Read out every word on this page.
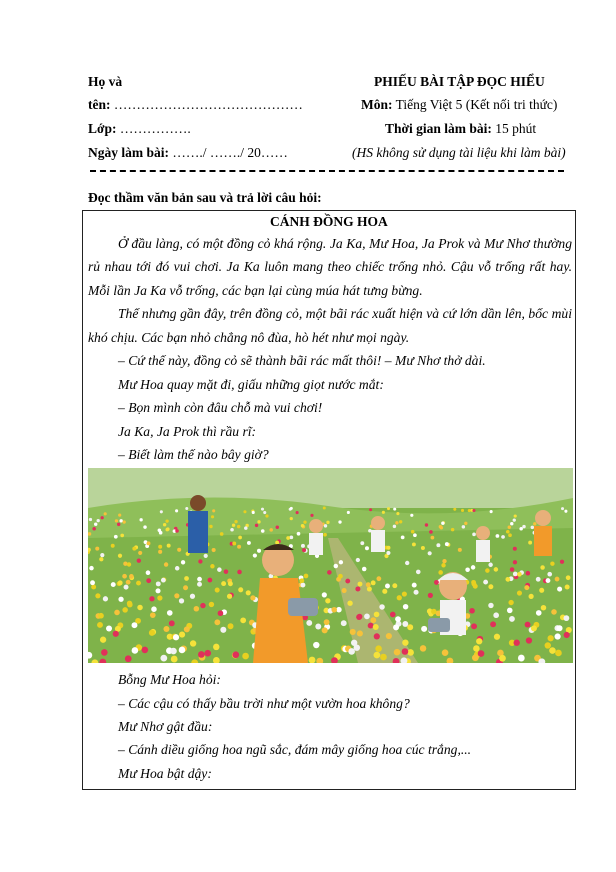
Họ và
tên: ……………………………………
Lớp: …………….
Ngày làm bài: ……./ ……./ 20……
PHIẾU BÀI TẬP ĐỌC HIỂU
Môn: Tiếng Việt 5 (Kết nối tri thức)
Thời gian làm bài: 15 phút
(HS không sử dụng tài liệu khi làm bài)
Đọc thầm văn bản sau và trả lời câu hỏi:
CÁNH ĐỒNG HOA
Ở đầu làng, có một đồng cỏ khá rộng. Ja Ka, Mư Hoa, Ja Prok và Mư Nhơ thường
rủ nhau tới đó vui chơi. Ja Ka luôn mang theo chiếc trống nhỏ. Cậu vỗ trống rất hay.
Mỗi lần Ja Ka vỗ trống, các bạn lại cùng múa hát tưng bừng.
Thế nhưng gần đây, trên đồng cỏ, một bãi rác xuất hiện và cứ lớn dần lên, bốc mùi
khó chịu. Các bạn nhỏ chẳng nô đùa, hò hét như mọi ngày.
– Cứ thế này, đồng cỏ sẽ thành bãi rác mất thôi! – Mư Nhơ thở dài.
Mư Hoa quay mặt đi, giấu những giọt nước mắt:
– Bọn mình còn đâu chỗ mà vui chơi!
Ja Ka, Ja Prok thì rầu rĩ:
– Biết làm thế nào bây giờ?
Bỗng Mư Hoa hỏi:
– Các cậu có thấy bầu trời như một vườn hoa không?
Mư Nhơ gật đầu:
– Cánh diều giống hoa ngũ sắc, đám mây giống hoa cúc trắng,...
Mư Hoa bật dậy:
